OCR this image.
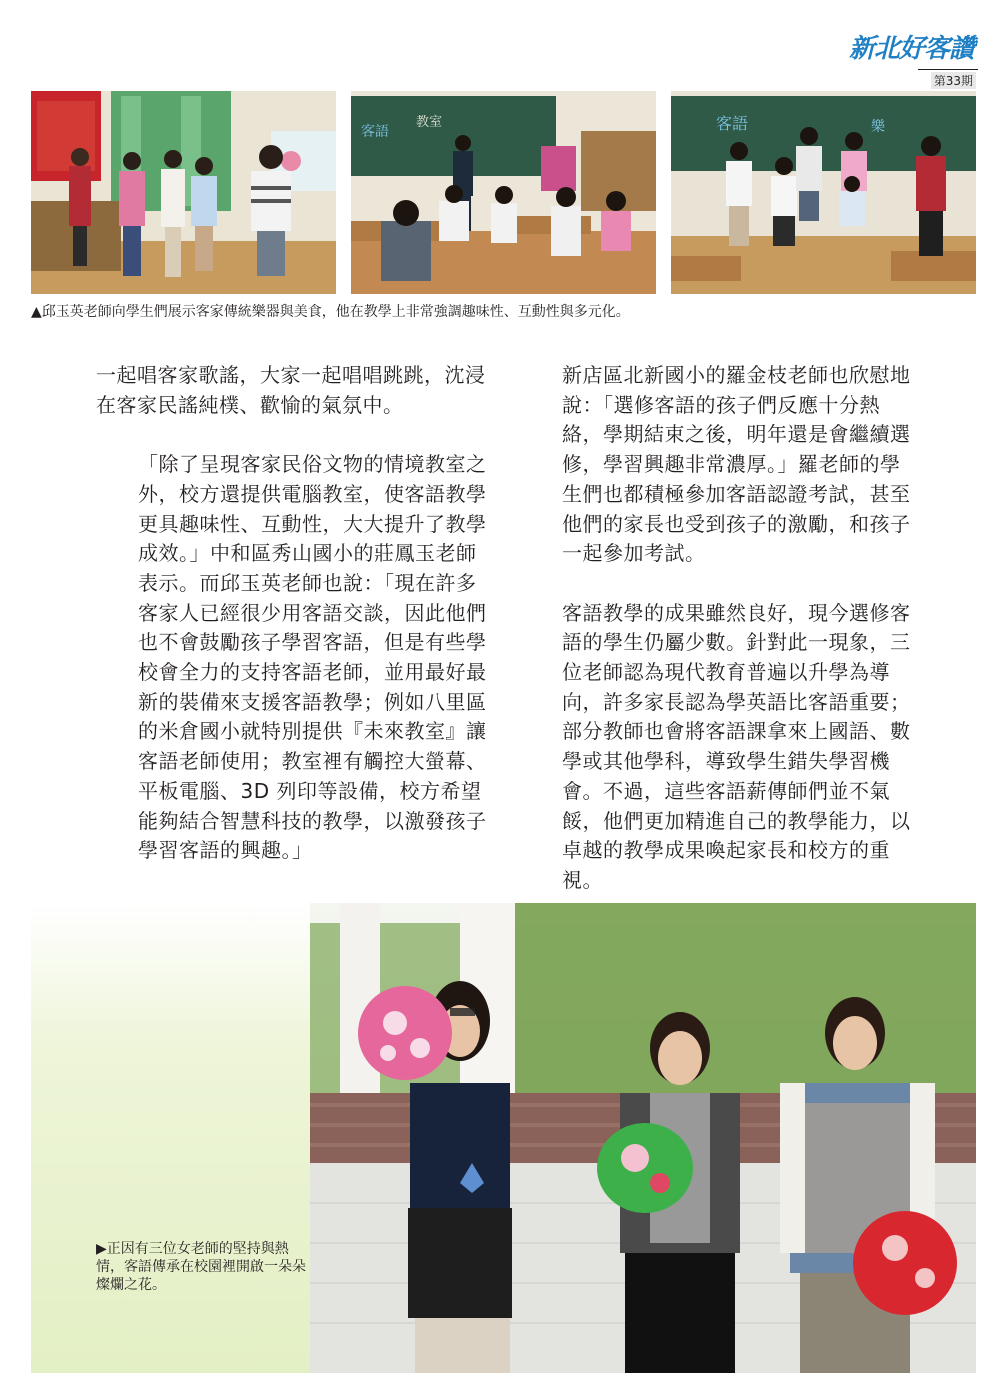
新北好客讚
第33期
客語
教室	客語	樂
▲邱玉英老師向學生們展示客家傳統樂器與美食，他在教學上非常強調趣味性、互動性與多元化。

一起唱客家歌謠，大家一起唱唱跳跳，沈浸在客家民謠純樸、歡愉的氣氛中。

「除了呈現客家民俗文物的情境教室之外，校方還提供電腦教室，使客語教學更具趣味性、互動性，大大提升了教學成效。」中和區秀山國小的莊鳳玉老師表示。而邱玉英老師也說：「現在許多客家人已經很少用客語交談，因此他們也不會鼓勵孩子學習客語，但是有些學校會全力的支持客語老師，並用最好最新的裝備來支援客語教學；例如八里區的米倉國小就特別提供『未來教室』讓客語老師使用；教室裡有觸控大螢幕、平板電腦、3D 列印等設備，校方希望能夠結合智慧科技的教學，以激發孩子學習客語的興趣。」

新店區北新國小的羅金枝老師也欣慰地說：「選修客語的孩子們反應十分熱絡，學期結束之後，明年還是會繼續選修，學習興趣非常濃厚。」羅老師的學生們也都積極參加客語認證考試，甚至他們的家長也受到孩子的激勵，和孩子一起參加考試。

客語教學的成果雖然良好，現今選修客語的學生仍屬少數。針對此一現象，三位老師認為現代教育普遍以升學為導向，許多家長認為學英語比客語重要；部分教師也會將客語課拿來上國語、數學或其他學科，導致學生錯失學習機會。不過，這些客語薪傳師們並不氣餒，他們更加精進自己的教學能力，以卓越的教學成果喚起家長和校方的重視。

▶正因有三位女老師的堅持與熱情，客語傳承在校園裡開啟一朵朵燦爛之花。
